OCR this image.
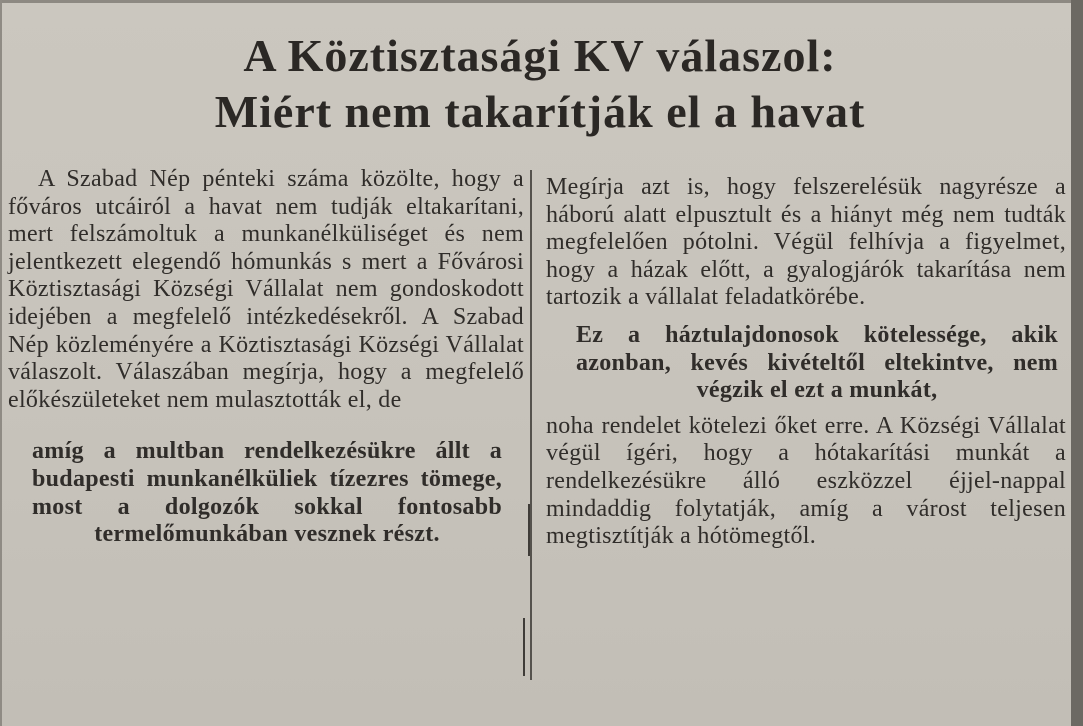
A Köztisztasági KV válaszol:
Miért nem takarítják el a havat

A Szabad Nép pénteki száma közölte, hogy a főváros utcáiról a havat nem tudják eltakarítani, mert felszámoltuk a munkanélküliséget és nem jelentkezett elegendő hómunkás s mert a Fővárosi Köztisztasági Községi Vállalat nem gondoskodott idejében a megfelelő intézkedésekről. A Szabad Nép közleményére a Köztisztasági Községi Vállalat válaszolt. Válaszában megírja, hogy a megfelelő előkészületeket nem mulasztották el, de

amíg a multban rendelkezésükre állt a budapesti munkanélküliek tízezres tömege, most a dolgozók sokkal fontosabb termelőmunkában vesznek részt.

Megírja azt is, hogy felszerelésük nagyrésze a háború alatt elpusztult és a hiányt még nem tudták megfelelően pótolni. Végül felhívja a figyelmet, hogy a házak előtt, a gyalogjárók takarítása nem tartozik a vállalat feladatkörébe.

Ez a háztulajdonosok kötelessége, akik azonban, kevés kivételtől eltekintve, nem végzik el ezt a munkát,

noha rendelet kötelezi őket erre. A Községi Vállalat végül ígéri, hogy a hótakarítási munkát a rendelkezésükre álló eszközzel éjjel-nappal mindaddig folytatják, amíg a várost teljesen megtisztítják a hótömegtől.
